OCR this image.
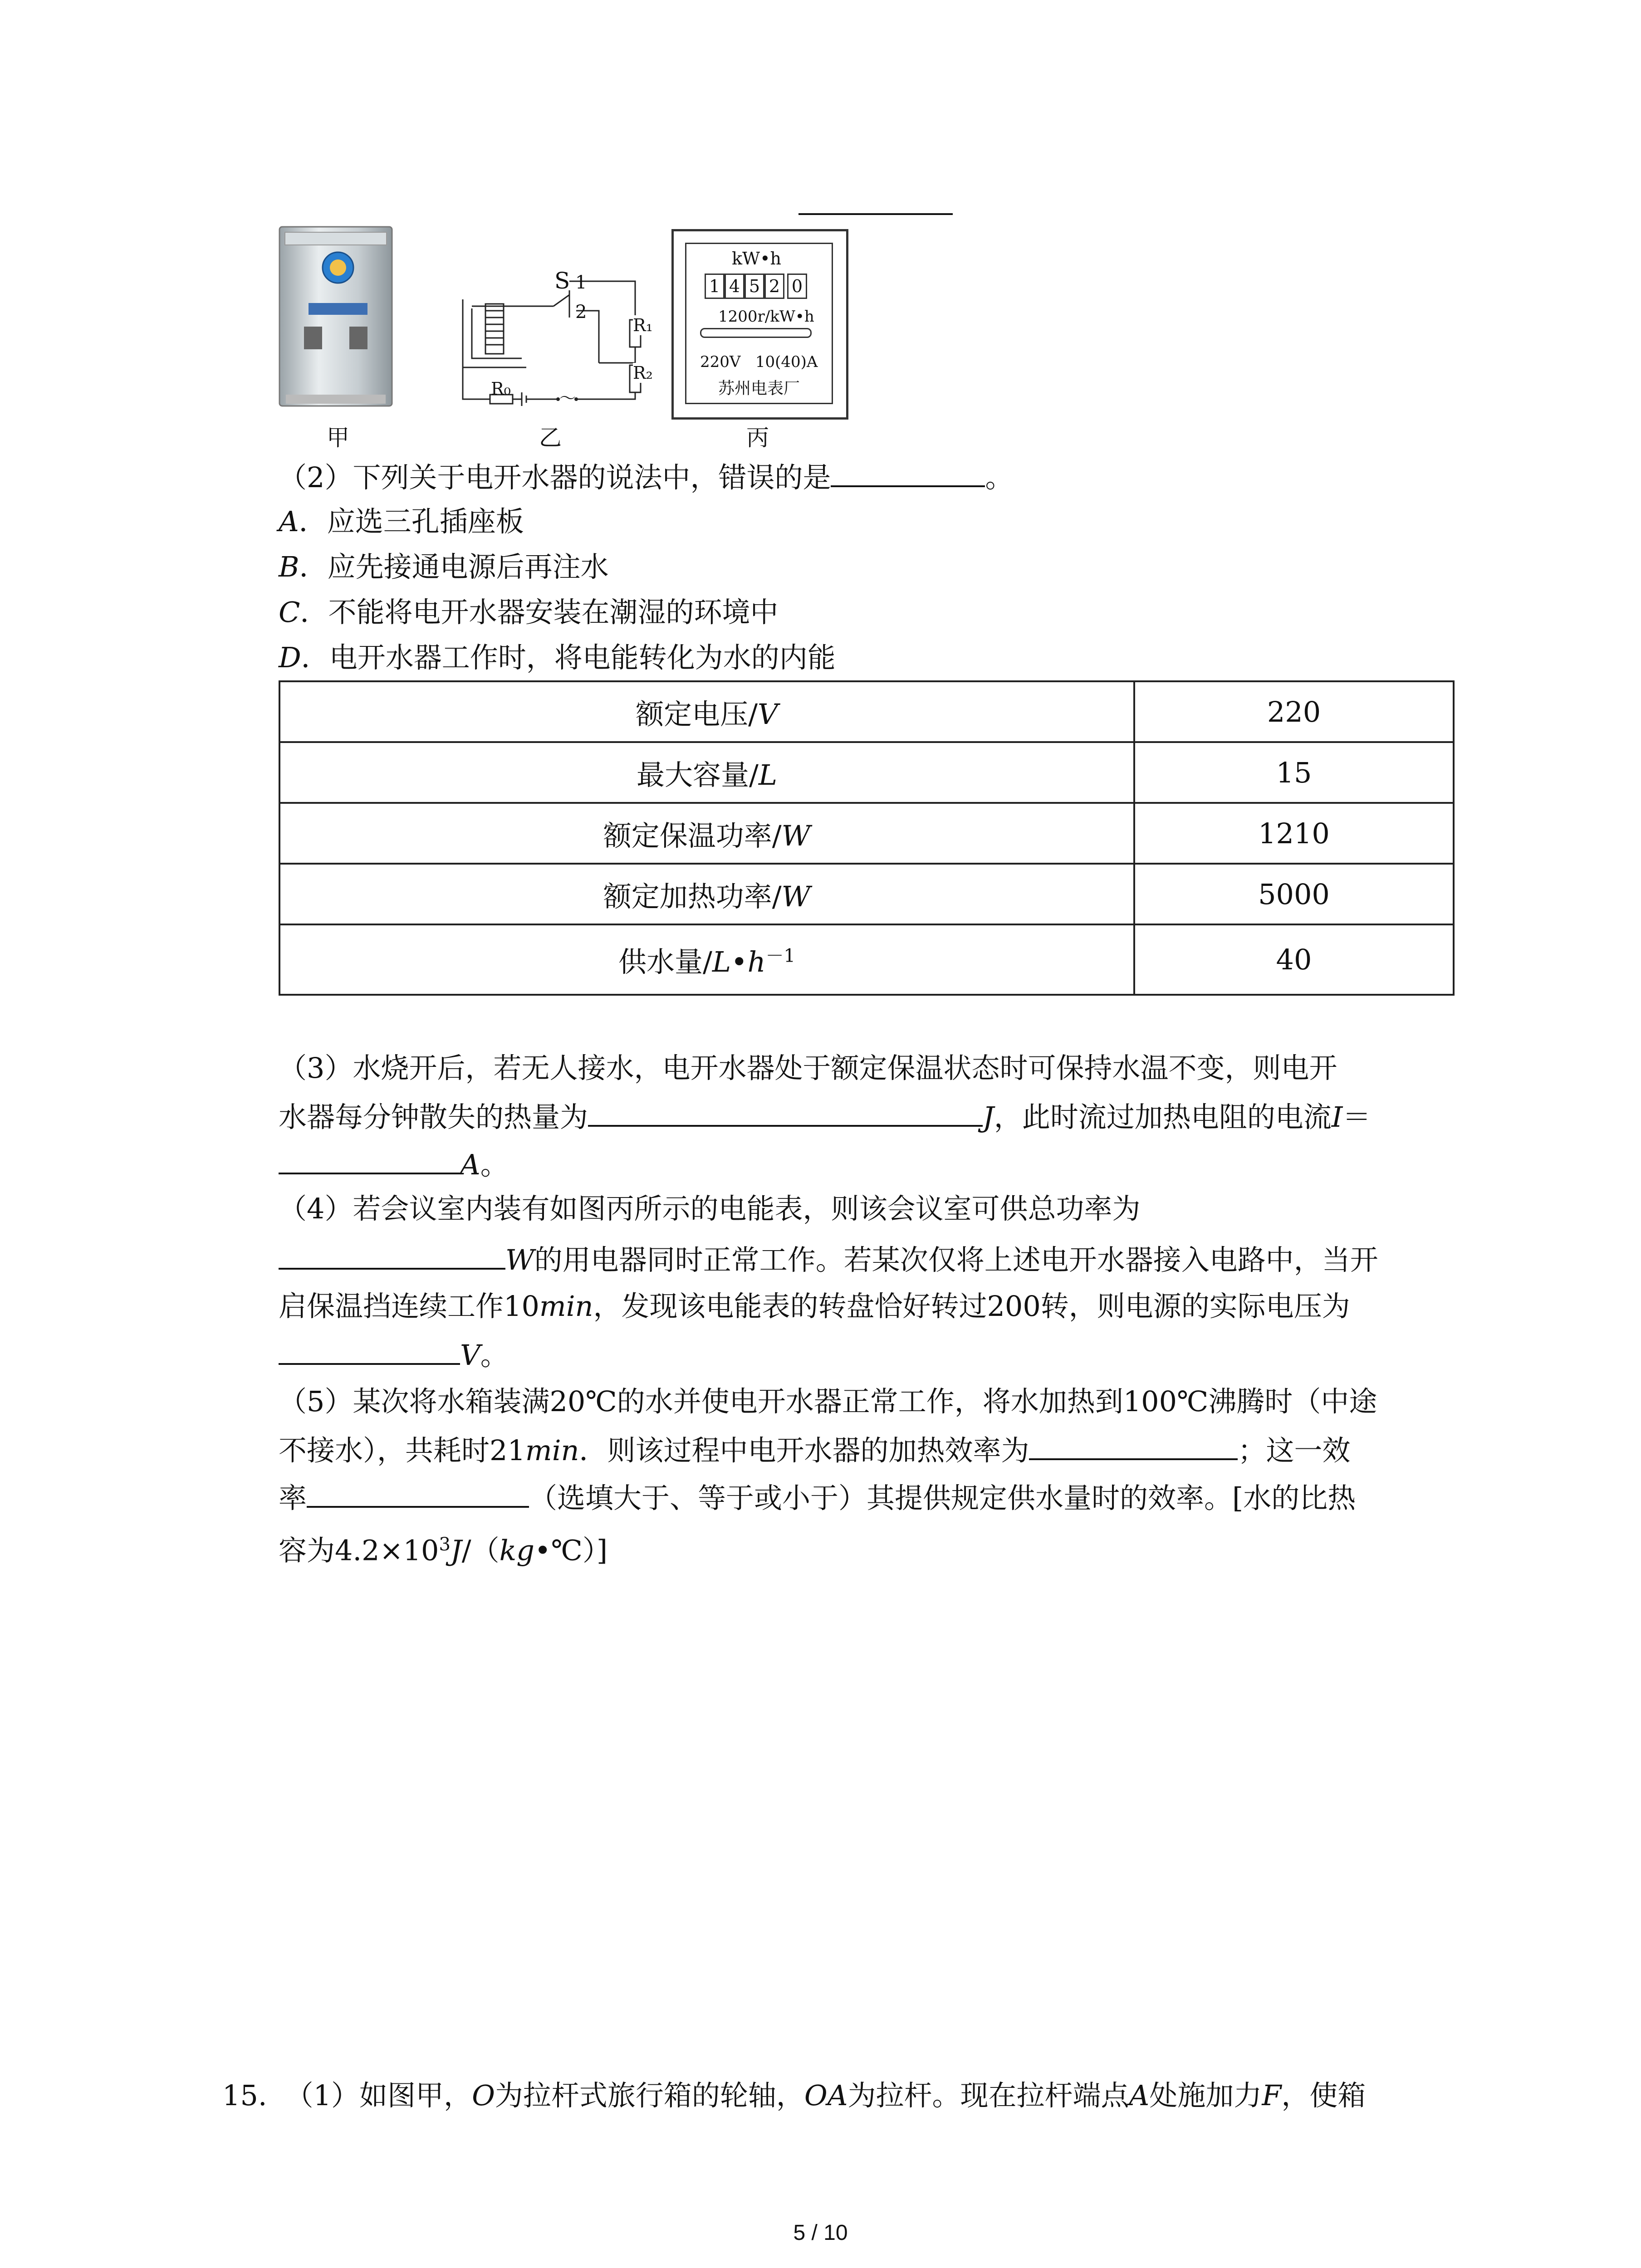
甲
S 1
2
R₁
R₂
R₀	～
乙
kW•h
1 4 5 2 0
1200r/kW•h
220V   10(40)A
苏州电表厂
丙
（2）下列关于电开水器的说法中，错误的是	。
A．应选三孔插座板
B．应先接通电源后再注水
C．不能将电开水器安装在潮湿的环境中
D．电开水器工作时，将电能转化为水的内能
额定电压/V	220
最大容量/L	15
额定保温功率/W	1210
额定加热功率/W	5000
供水量$/L•h^{-1}$	40
（3）水烧开后，若无人接水，电开水器处于额定保温状态时可保持水温不变，则电开
水器每分钟散失的热量为	J，此时流过加热电阻的电流I＝
A。
（4）若会议室内装有如图丙所示的电能表，则该会议室可供总功率为
W的用电器同时正常工作。若某次仅将上述电开水器接入电路中，当开
启保温挡连续工作10min，发现该电能表的转盘恰好转过200转，则电源的实际电压为
V。
（5）某次将水箱装满20℃的水并使电开水器正常工作，将水加热到100℃沸腾时（中途
不接水），共耗时21min．则该过程中电开水器的加热效率为	；这一效
率	（选填大于、等于或小于）其提供规定供水量时的效率。[水的比热
容为$4.2\times 10^3J/(kg•℃)$]
15. （1）如图甲，O为拉杆式旅行箱的轮轴，OA为拉杆。现在拉杆端点A处施加力F，使箱
5 / 10
